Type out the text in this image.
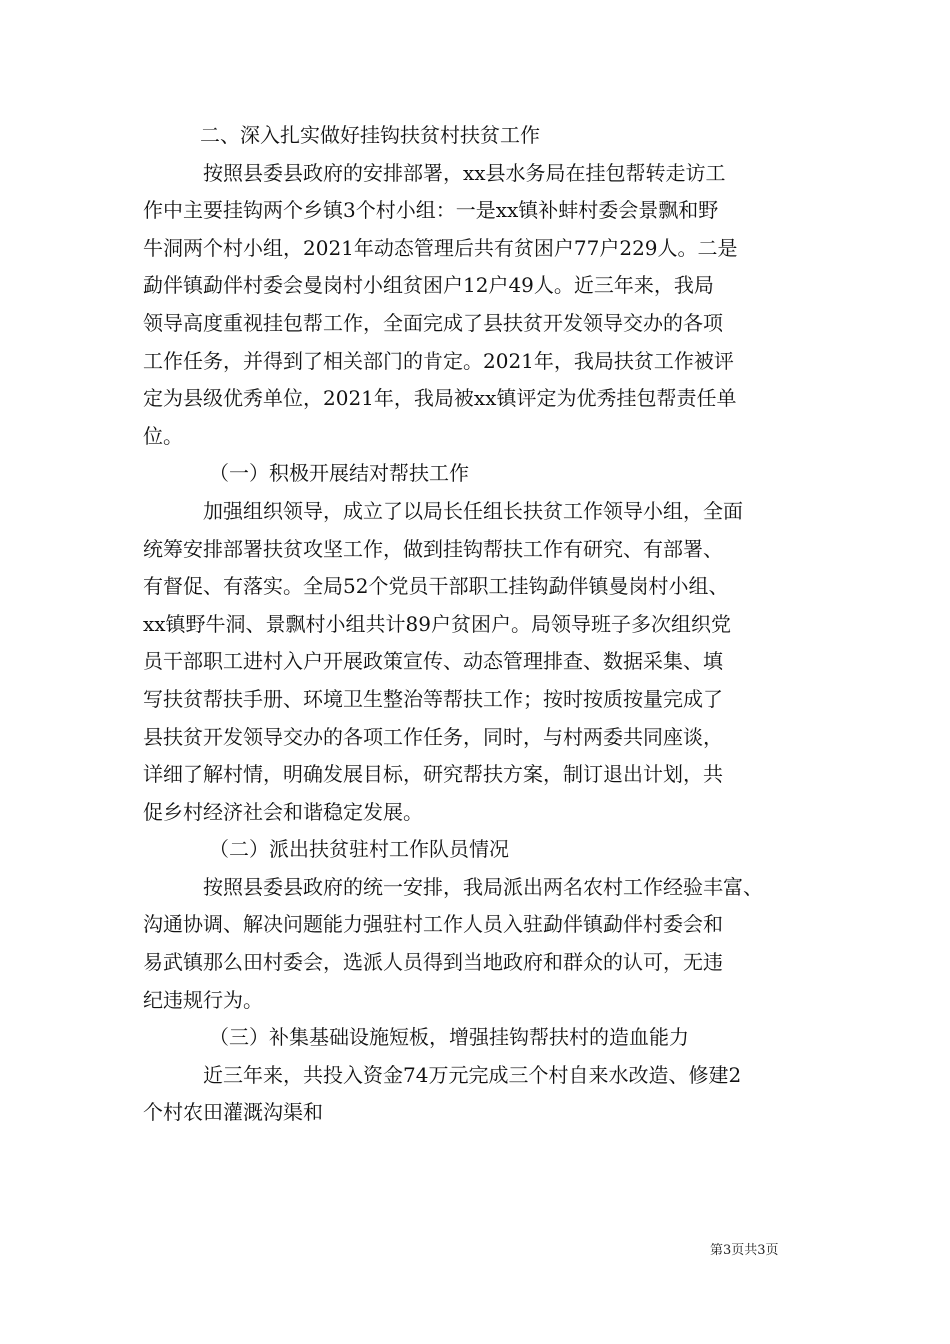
二、深入扎实做好挂钩扶贫村扶贫工作
按照县委县政府的安排部署，xx县水务局在挂包帮转走访工
作中主要挂钩两个乡镇3个村小组：一是xx镇补蚌村委会景飘和野
牛洞两个村小组，2021年动态管理后共有贫困户77户229人。二是
勐伴镇勐伴村委会曼岗村小组贫困户12户49人。近三年来，我局
领导高度重视挂包帮工作，全面完成了县扶贫开发领导交办的各项
工作任务，并得到了相关部门的肯定。2021年，我局扶贫工作被评
定为县级优秀单位，2021年，我局被xx镇评定为优秀挂包帮责任单
位。
（一）积极开展结对帮扶工作
加强组织领导，成立了以局长任组长扶贫工作领导小组，全面
统筹安排部署扶贫攻坚工作，做到挂钩帮扶工作有研究、有部署、
有督促、有落实。全局52个党员干部职工挂钩勐伴镇曼岗村小组、
xx镇野牛洞、景飘村小组共计89户贫困户。局领导班子多次组织党
员干部职工进村入户开展政策宣传、动态管理排查、数据采集、填
写扶贫帮扶手册、环境卫生整治等帮扶工作；按时按质按量完成了
县扶贫开发领导交办的各项工作任务，同时，与村两委共同座谈，
详细了解村情，明确发展目标，研究帮扶方案，制订退出计划，共
促乡村经济社会和谐稳定发展。
（二）派出扶贫驻村工作队员情况
按照县委县政府的统一安排，我局派出两名农村工作经验丰富、
沟通协调、解决问题能力强驻村工作人员入驻勐伴镇勐伴村委会和
易武镇那么田村委会，选派人员得到当地政府和群众的认可，无违
纪违规行为。
（三）补集基础设施短板，增强挂钩帮扶村的造血能力
近三年来，共投入资金74万元完成三个村自来水改造、修建2
个村农田灌溉沟渠和
第3页共3页
